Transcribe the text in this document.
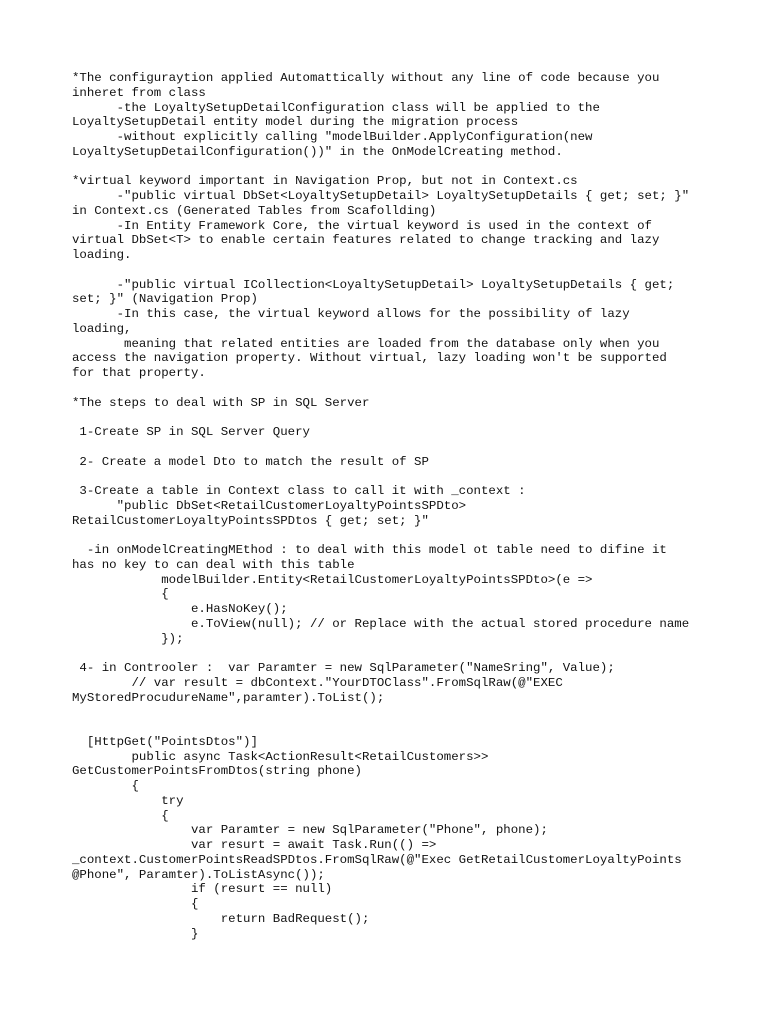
*The configuraytion applied Automattically without any line of code because you
inheret from class
-the LoyaltySetupDetailConfiguration class will be applied to the
LoyaltySetupDetail entity model during the migration process
-without explicitly calling "modelBuilder.ApplyConfiguration(new
LoyaltySetupDetailConfiguration())" in the OnModelCreating method.
*virtual keyword important in Navigation Prop, but not in Context.cs
-"public virtual DbSet<LoyaltySetupDetail> LoyaltySetupDetails { get; set; }"
in Context.cs (Generated Tables from Scafollding)
-In Entity Framework Core, the virtual keyword is used in the context of
virtual DbSet<T> to enable certain features related to change tracking and lazy
loading.
-"public virtual ICollection<LoyaltySetupDetail> LoyaltySetupDetails { get;
set; }" (Navigation Prop)
-In this case, the virtual keyword allows for the possibility of lazy
loading,
meaning that related entities are loaded from the database only when you
access the navigation property. Without virtual, lazy loading won't be supported
for that property.
*The steps to deal with SP in SQL Server
1-Create SP in SQL Server Query
2- Create a model Dto to match the result of SP
3-Create a table in Context class to call it with _context :
"public DbSet<RetailCustomerLoyaltyPointsSPDto>
RetailCustomerLoyaltyPointsSPDtos { get; set; }"
-in onModelCreatingMEthod : to deal with this model ot table need to difine it
has no key to can deal with this table
modelBuilder.Entity<RetailCustomerLoyaltyPointsSPDto>(e =>
{
e.HasNoKey();
e.ToView(null); // or Replace with the actual stored procedure name
});
4- in Controoler :  var Paramter = new SqlParameter("NameSring", Value);
// var result = dbContext."YourDTOClass".FromSqlRaw(@"EXEC
MyStoredProcudureName",paramter).ToList();
[HttpGet("PointsDtos")]
public async Task<ActionResult<RetailCustomers>>
GetCustomerPointsFromDtos(string phone)
{
try
{
var Paramter = new SqlParameter("Phone", phone);
var resurt = await Task.Run(() =>
_context.CustomerPointsReadSPDtos.FromSqlRaw(@"Exec GetRetailCustomerLoyaltyPoints
@Phone", Paramter).ToListAsync());
if (resurt == null)
{
return BadRequest();
}
